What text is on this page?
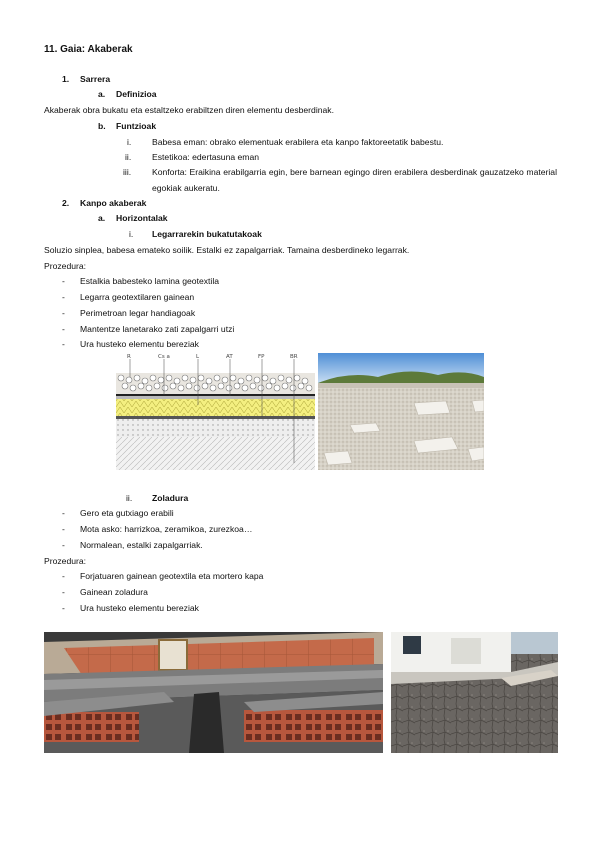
11. Gaia: Akaberak
1. Sarrera
a. Definizioa
Akaberak obra bukatu eta estaltzeko erabiltzen diren elementu desberdinak.
b. Funtzioak
i. Babesa eman: obrako elementuak erabilera eta kanpo faktoreetatik babestu.
ii. Estetikoa: edertasuna eman
iii. Konforta: Eraikina erabilgarria egin, bere barnean egingo diren erabilera desberdinak gauzatzeko material egokiak aukeratu.
2. Kanpo akaberak
a. Horizontalak
i. Legarrarekin bukatutakoak
Soluzio sinplea, babesa emateko soilik. Estalki ez zapalgarriak. Tamaina desberdineko legarrak.
Prozedura:
- Estalkia babesteko lamina geotextila
- Legarra geotextilaren gainean
- Perimetroan legar handiagoak
- Mantentze lanetarako zati zapalgarri utzi
- Ura husteko elementu bereziak
R	Cs a	L	AT	FP	BR
ii. Zoladura
- Gero eta gutxiago erabili
- Mota asko: harrizkoa, zeramikoa, zurezkoa…
- Normalean, estalki zapalgarriak.
Prozedura:
- Forjatuaren gainean geotextila eta mortero kapa
- Gainean zoladura
- Ura husteko elementu bereziak
